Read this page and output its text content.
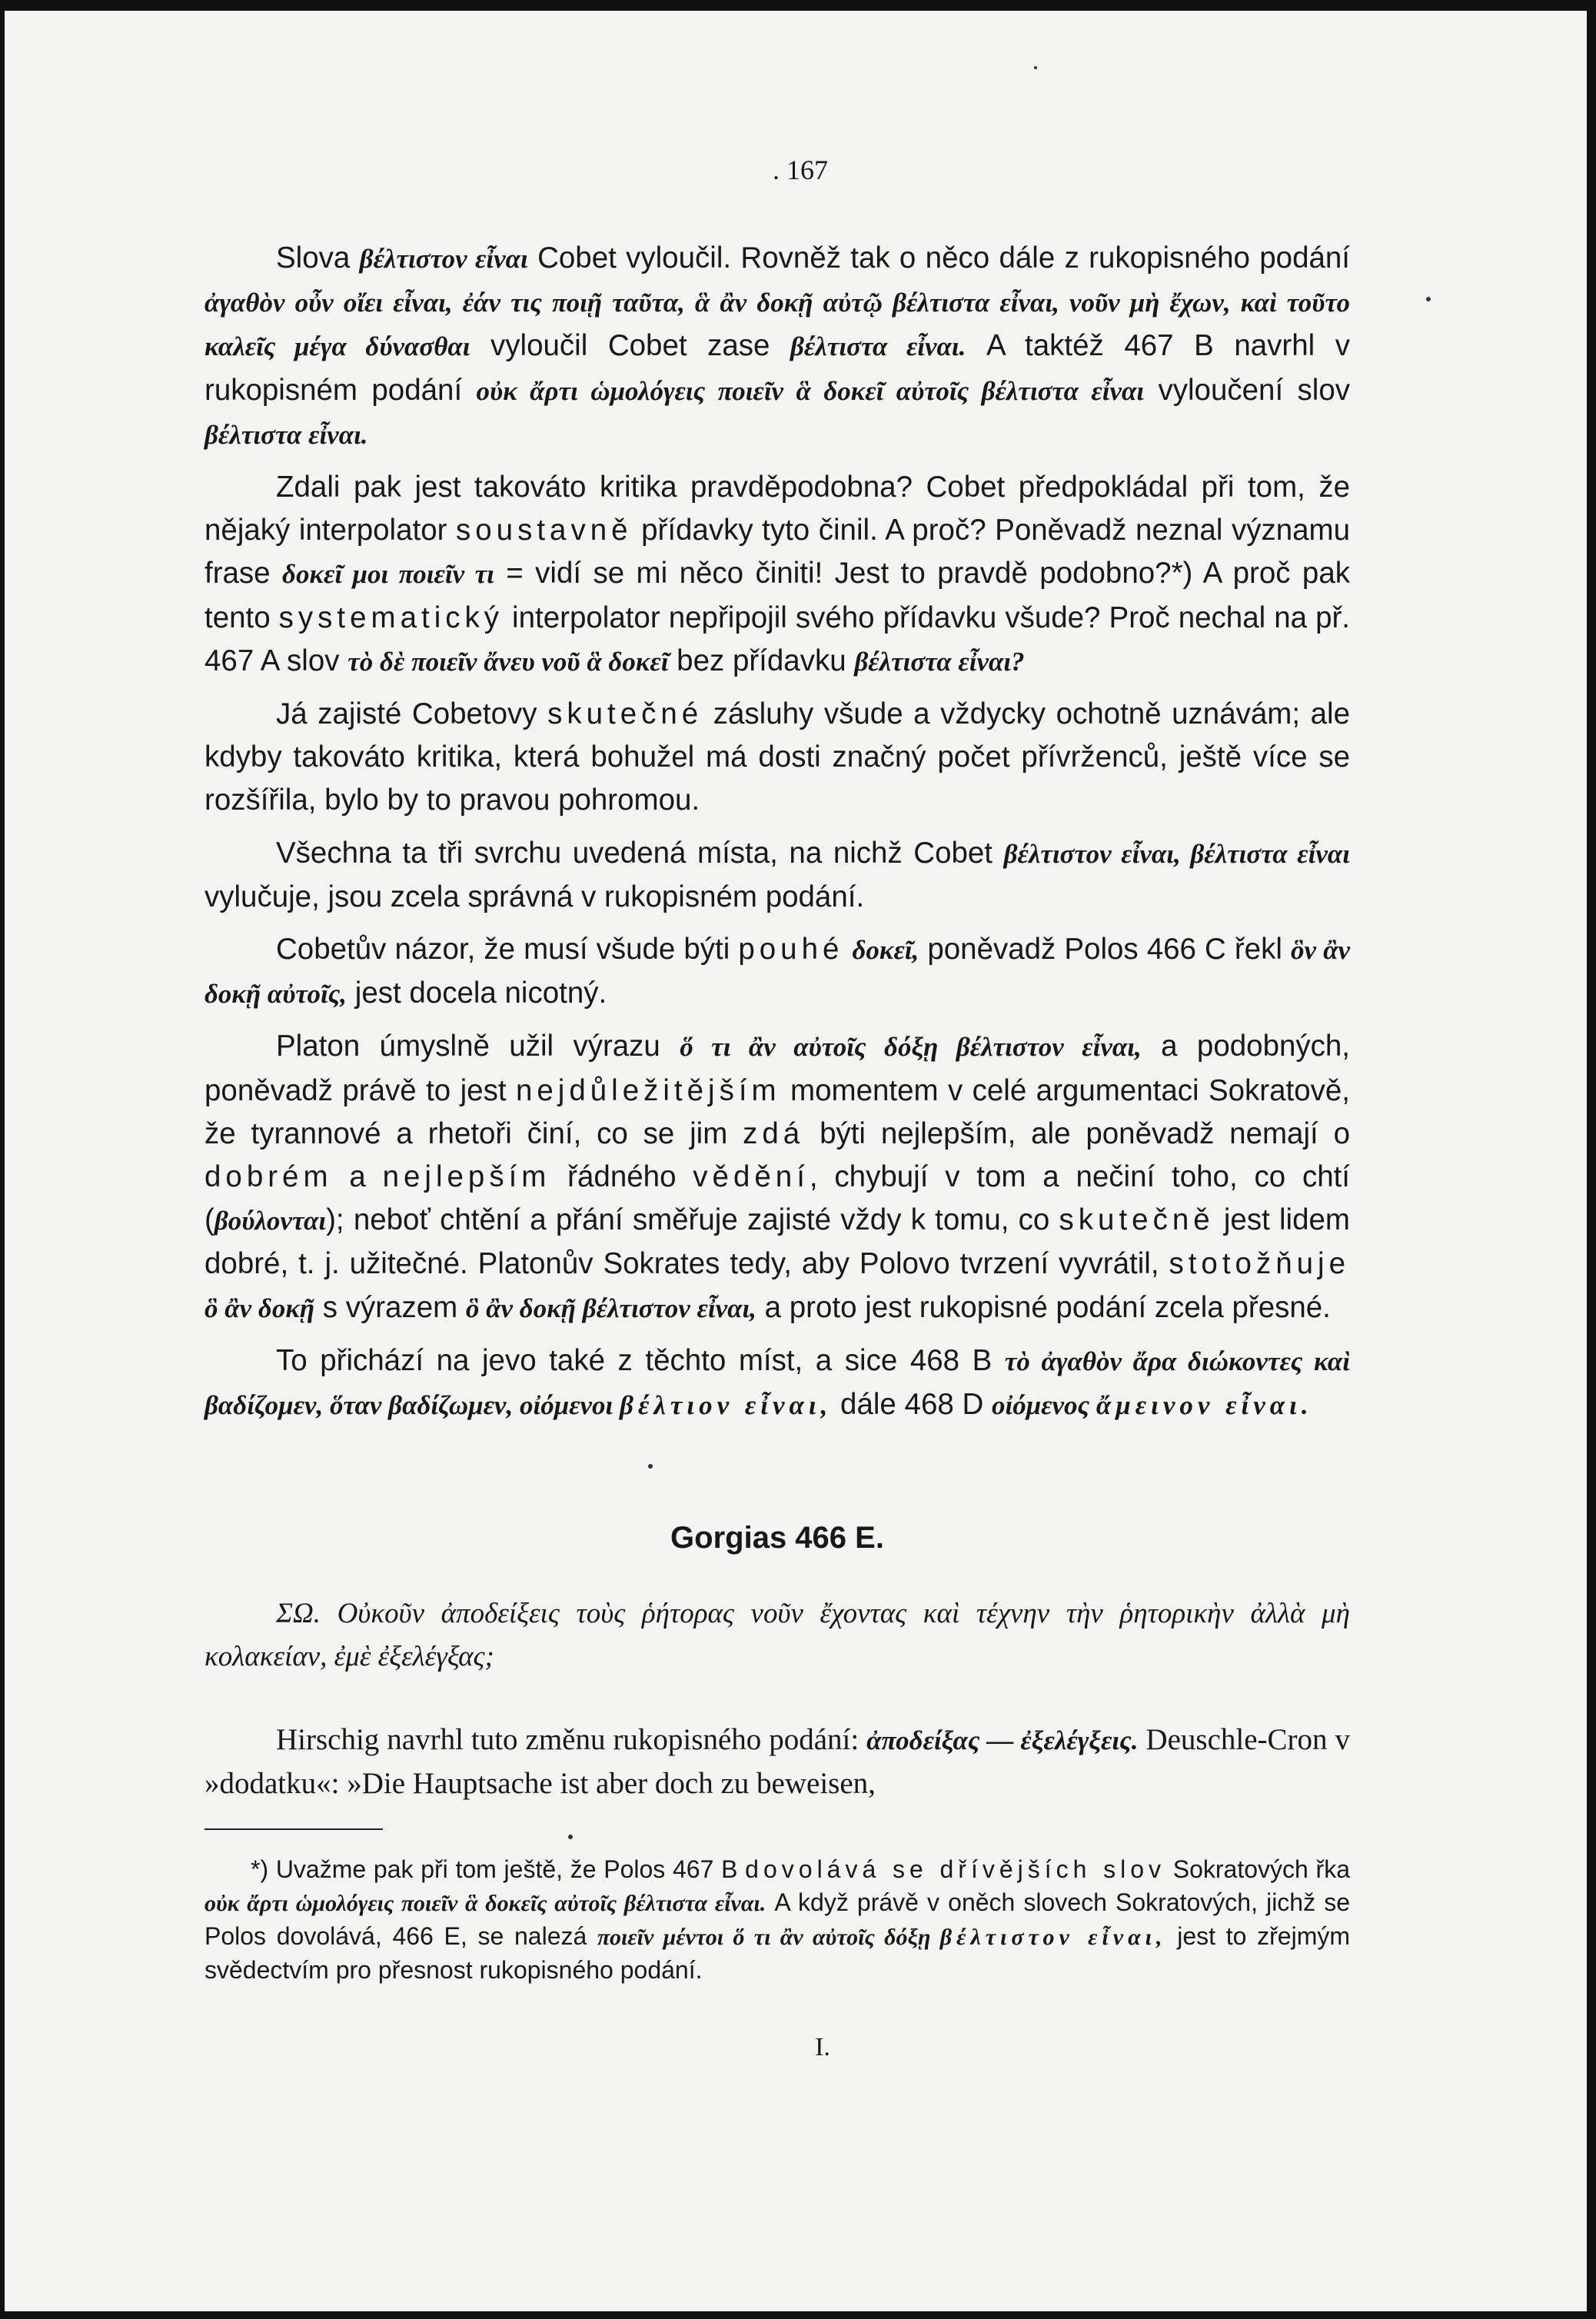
. 167

Slova βέλτιστον εἶναι Cobet vyloučil. Rovněž tak o něco dále z rukopisného podání ἀγαθὸν οὖν οἴει εἶναι, ἐάν τις ποιῇ ταῦτα, ἃ ἂν δοκῇ αὐτῷ βέλτιστα εἶναι, νοῦν μὴ ἔχων, καὶ τοῦτο καλεῖς μέγα δύνασθαι vyloučil Cobet zase βέλτιστα εἶναι. A taktéž 467 B navrhl v rukopisném podání οὐκ ἄρτι ὡμολόγεις ποιεῖν ἃ δοκεῖ αὐτοῖς βέλτιστα εἶναι vyloučení slov βέλτιστα εἶναι.

Zdali pak jest takováto kritika pravděpodobna? Cobet předpokládal při tom, že nějaký interpolator soustavně přídavky tyto činil. A proč? Poněvadž neznal významu frase δοκεῖ μοι ποιεῖν τι = vidí se mi něco činiti! Jest to pravdě podobno?*) A proč pak tento systematický interpolator nepřipojil svého přídavku všude? Proč nechal na př. 467 A slov τὸ δὲ ποιεῖν ἄνευ νοῦ ἃ δοκεῖ bez přídavku βέλτιστα εἶναι?

Já zajisté Cobetovy skutečné zásluhy všude a vždycky ochotně uznávám; ale kdyby takováto kritika, která bohužel má dosti značný počet přívrženců, ještě více se rozšířila, bylo by to pravou pohromou.

Všechna ta tři svrchu uvedená místa, na nichž Cobet βέλτιστον εἶναι, βέλτιστα εἶναι vylučuje, jsou zcela správná v rukopisném podání.

Cobetův názor, že musí všude býti pouhé δοκεῖ, poněvadž Polos 466 C řekl ὃν ἂν δοκῇ αὐτοῖς, jest docela nicotný.

Platon úmyslně užil výrazu ὅ τι ἂν αὐτοῖς δόξῃ βέλτιστον εἶναι, a podobných, poněvadž právě to jest nejdůležitějším momentem v celé argumentaci Sokratově, že tyrannové a rhetoři činí, co se jim zdá býti nejlepším, ale poněvadž nemají o dobrém a nejlepším řádného vědění, chybují v tom a nečiní toho, co chtí (βούλονται); neboť chtění a přání směřuje zajisté vždy k tomu, co skutečně jest lidem dobré, t. j. užitečné. Platonův Sokrates tedy, aby Polovo tvrzení vyvrátil, stotožňuje ὃ ἂν δοκῇ s výrazem ὃ ἂν δοκῇ βέλτιστον εἶναι, a proto jest rukopisné podání zcela přesné.

To přichází na jevo také z těchto míst, a sice 468 B τὸ ἀγαθὸν ἄρα διώκοντες καὶ βαδίζομεν, ὅταν βαδίζωμεν, οἰόμενοι βέλτιον εἶναι, dále 468 D οἰόμενος ἄμεινον εἶναι.

Gorgias 466 E.

ΣΩ. Οὐκοῦν ἀποδείξεις τοὺς ῥήτορας νοῦν ἔχοντας καὶ τέχνην τὴν ῥητορικὴν ἀλλὰ μὴ κολακείαν, ἐμὲ ἐξελέγξας;

Hirschig navrhl tuto změnu rukopisného podání: ἀποδείξας — ἐξελέγξεις. Deuschle-Cron v »dodatku«: »Die Hauptsache ist aber doch zu beweisen,

*) Uvažme pak při tom ještě, že Polos 467 B dovolává se dřívějších slov Sokratových řka οὐκ ἄρτι ὡμολόγεις ποιεῖν ἃ δοκεῖς αὐτοῖς βέλτιστα εἶναι. A když právě v oněch slovech Sokratových, jichž se Polos dovolává, 466 E, se nalezá ποιεῖν μέντοι ὅ τι ἂν αὐτοῖς δόξῃ βέλτιστον εἶναι, jest to zřejmým svědectvím pro přesnost rukopisného podání.

I.
